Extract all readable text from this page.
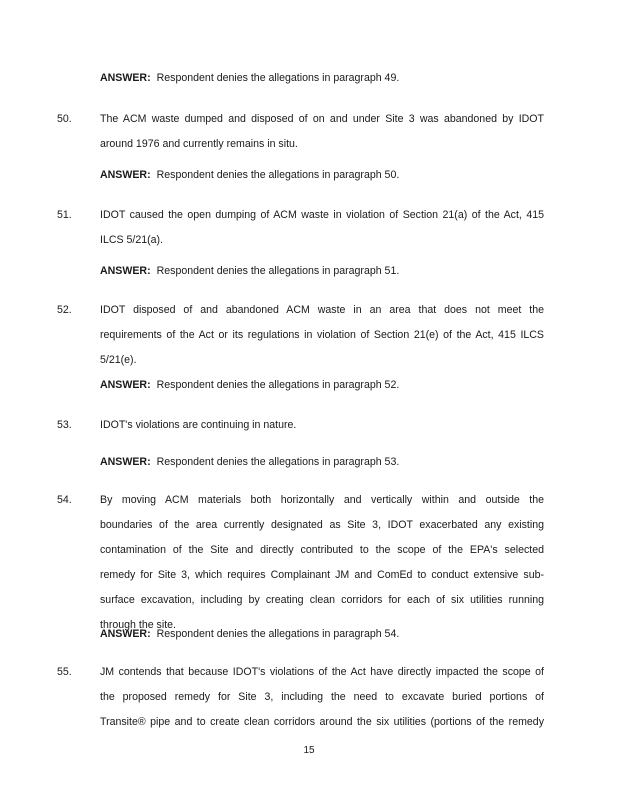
ANSWER: Respondent denies the allegations in paragraph 49.

50.	The ACM waste dumped and disposed of on and under Site 3 was abandoned by IDOT
around 1976 and currently remains in situ.

ANSWER: Respondent denies the allegations in paragraph 50.

51.	IDOT caused the open dumping of ACM waste in violation of Section 21(a) of the Act, 415
ILCS 5/21(a).

ANSWER: Respondent denies the allegations in paragraph 51.

52.	IDOT disposed of and abandoned ACM waste in an area that does not meet the
requirements of the Act or its regulations in violation of Section 21(e) of the Act, 415 ILCS
5/21(e).

ANSWER: Respondent denies the allegations in paragraph 52.

53.	IDOT's violations are continuing in nature.

ANSWER: Respondent denies the allegations in paragraph 53.

54.	By moving ACM materials both horizontally and vertically within and outside the
boundaries of the area currently designated as Site 3, IDOT exacerbated any existing
contamination of the Site and directly contributed to the scope of the EPA's selected
remedy for Site 3, which requires Complainant JM and ComEd to conduct extensive sub-
surface excavation, including by creating clean corridors for each of six utilities running
through the site.

ANSWER: Respondent denies the allegations in paragraph 54.

55.	JM contends that because IDOT's violations of the Act have directly impacted the scope of
the proposed remedy for Site 3, including the need to excavate buried portions of
Transite® pipe and to create clean corridors around the six utilities (portions of the remedy
15
